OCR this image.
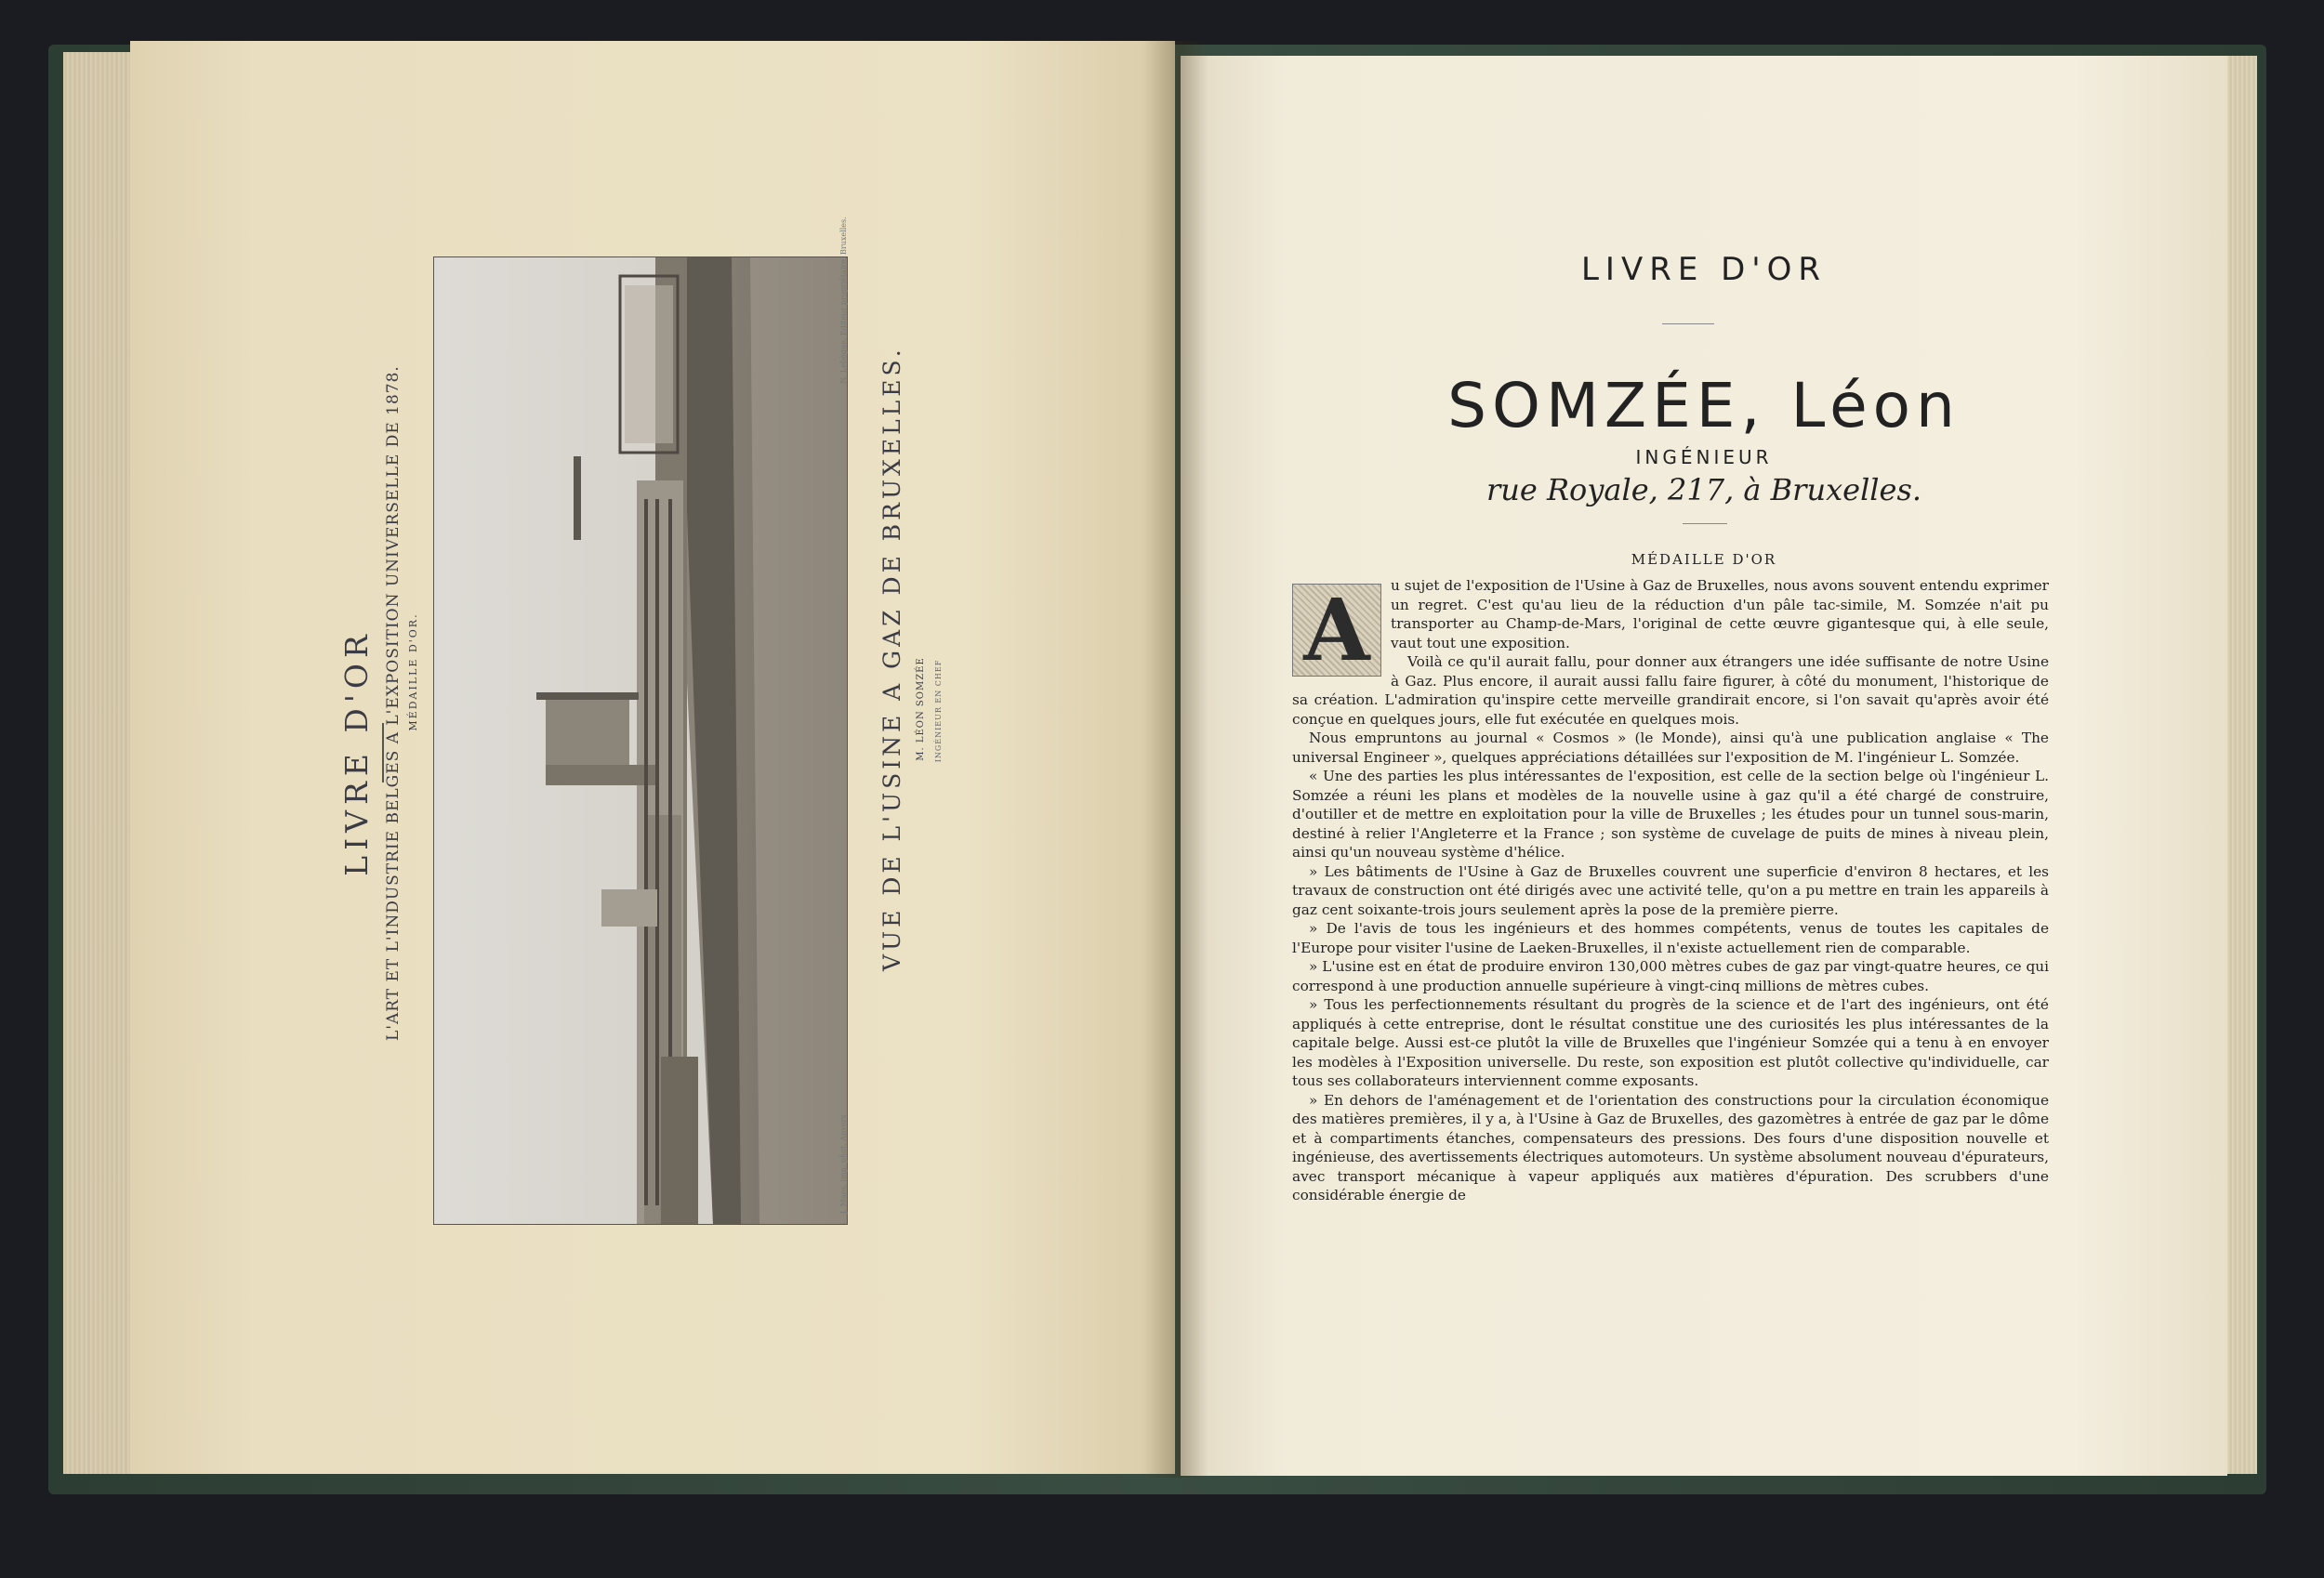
LIVRE D'OR L'ART ET L'INDUSTRIE BELGES A L'EXPOSITION UNIVERSELLE DE 1878. MÉDAILLE D'OR.	VUE DE L'USINE A GAZ DE BRUXELLES. M. LÉON SOMZÉE INGÉNIEUR EN CHEF
J. Maes, imp. phot. Anvers
N. Lebègue, Editeur propriétaire, Bruxelles.	LIVRE D'OR
SOMZÉE, Léon
INGÉNIEUR
rue Royale, 217, à Bruxelles.
MÉDAILLE D'OR
A	u sujet de l'exposition de l'Usine à Gaz de Bruxelles, nous avons souvent entendu exprimer un regret. C'est qu'au lieu de la réduction d'un pâle tac-simile, M. Somzée n'ait pu transporter au Champ-de-Mars, l'original de cette œuvre gigantesque qui, à elle seule, vaut tout une exposition.

Voilà ce qu'il aurait fallu, pour donner aux étrangers une idée suffisante de notre Usine à Gaz. Plus encore, il aurait aussi fallu faire figurer, à côté du monument, l'historique de sa création. L'admiration qu'inspire cette merveille grandirait encore, si l'on savait qu'après avoir été conçue en quelques jours, elle fut exécutée en quelques mois.

Nous empruntons au journal « Cosmos » (le Monde), ainsi qu'à une publication anglaise « The universal Engineer », quelques appréciations détaillées sur l'exposition de M. l'ingénieur L. Somzée.

« Une des parties les plus intéressantes de l'exposition, est celle de la section belge où l'ingénieur L. Somzée a réuni les plans et modèles de la nouvelle usine à gaz qu'il a été chargé de construire, d'outiller et de mettre en exploitation pour la ville de Bruxelles ; les études pour un tunnel sous-marin, destiné à relier l'Angleterre et la France ; son système de cuvelage de puits de mines à niveau plein, ainsi qu'un nouveau système d'hélice.

» Les bâtiments de l'Usine à Gaz de Bruxelles couvrent une superficie d'environ 8 hectares, et les travaux de construction ont été dirigés avec une activité telle, qu'on a pu mettre en train les appareils à gaz cent soixante-trois jours seulement après la pose de la première pierre.

» De l'avis de tous les ingénieurs et des hommes compétents, venus de toutes les capitales de l'Europe pour visiter l'usine de Laeken-Bruxelles, il n'existe actuellement rien de comparable.

» L'usine est en état de produire environ 130,000 mètres cubes de gaz par vingt-quatre heures, ce qui correspond à une production annuelle supérieure à vingt-cinq millions de mètres cubes.

» Tous les perfectionnements résultant du progrès de la science et de l'art des ingénieurs, ont été appliqués à cette entreprise, dont le résultat constitue une des curiosités les plus intéressantes de la capitale belge. Aussi est-ce plutôt la ville de Bruxelles que l'ingénieur Somzée qui a tenu à en envoyer les modèles à l'Exposition universelle. Du reste, son exposition est plutôt collective qu'individuelle, car tous ses collaborateurs interviennent comme exposants.

» En dehors de l'aménagement et de l'orientation des constructions pour la circulation économique des matières premières, il y a, à l'Usine à Gaz de Bruxelles, des gazomètres à entrée de gaz par le dôme et à compartiments étanches, compensateurs des pressions. Des fours d'une disposition nouvelle et ingénieuse, des avertissements électriques automoteurs. Un système absolument nouveau d'épurateurs, avec transport mécanique à vapeur appliqués aux matières d'épuration. Des scrubbers d'une considérable énergie de
